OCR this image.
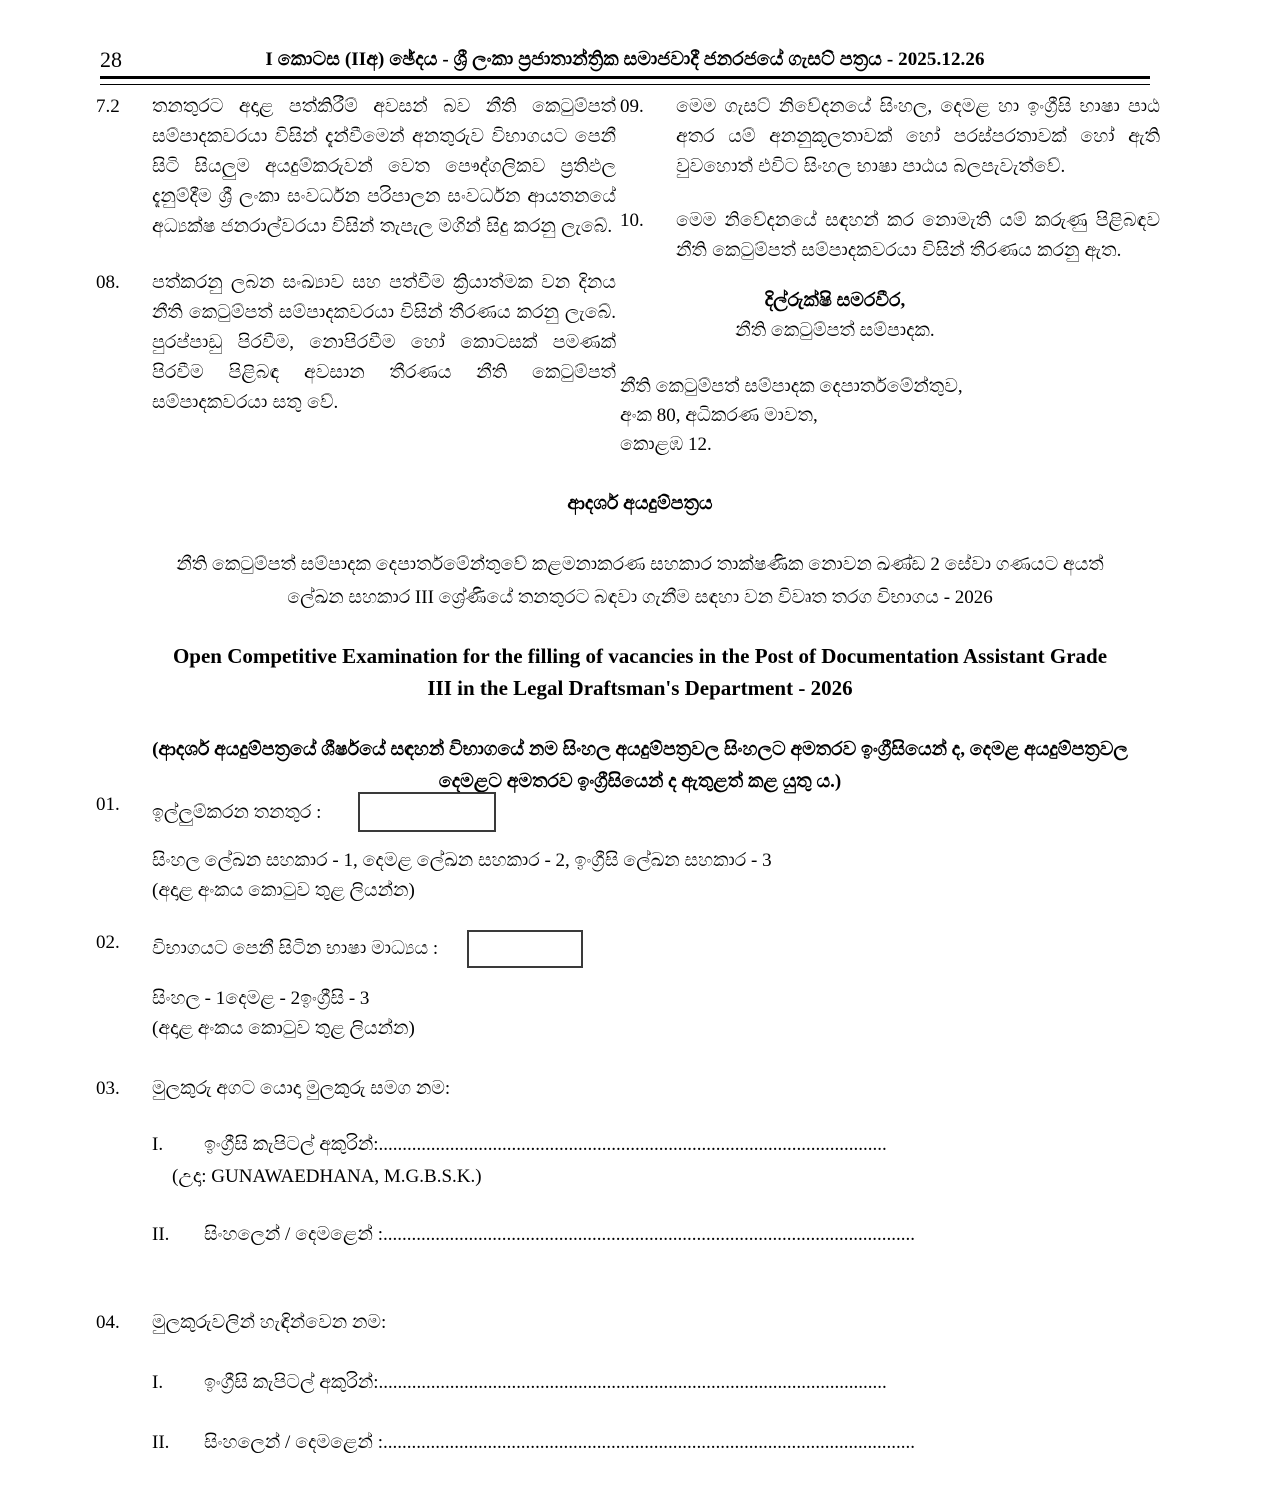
28	I කොටස (IIඅ) ඡේදය - ශ්‍රී ලංකා ප්‍රජාතාන්ත්‍රික සමාජවාදී ජනරජයේ ගැසට් පත්‍රය - 2025.12.26
7.2	තනතුරට අදාළ පත්කිරීම් අවසන් බව නීති කෙටුම්පත් සම්පාදකවරයා විසින් දැන්වීමෙන් අනතුරුව විභාගයට පෙනී සිටි සියලුම අයදුම්කරුවන් වෙත පෞද්ගලිකව ප්‍රතිඵල දැනුම්දීම ශ්‍රී ලංකා සංවර්ධන පරිපාලන සංවර්ධන ආයතනයේ අධ්‍යක්ෂ ජනරාල්වරයා විසින් තැපැල මගින් සිදු කරනු ලැබේ.
08.	පත්කරනු ලබන සංඛ්‍යාව සහ පත්වීම ක්‍රියාත්මක වන දිනය නීති කෙටුම්පත් සම්පාදකවරයා විසින් තීරණය කරනු ලැබේ. පුරප්පාඩු පිරවීම, නොපිරවීම හෝ කොටසක් පමණක් පිරවීම පිළිබඳ අවසාන තීරණය නීති කෙටුම්පත් සම්පාදකවරයා සතු වේ.
09.	මෙම ගැසට් නිවේදනයේ සිංහල, දෙමළ හා ඉංග්‍රීසි භාෂා පාඨ අතර යම් අනනුකූලතාවක් හෝ පරස්පරතාවක් හෝ ඇති වුවහොත් එවිට සිංහල භාෂා පාඨය බලපැවැත්වේ.
10.	මෙම නිවේදනයේ සඳහන් කර නොමැති යම් කරුණු පිළිබඳව නීති කෙටුම්පත් සම්පාදකවරයා විසින් තීරණය කරනු ඇත.
දිල්රුක්ෂි සමරවීර,
නීති කෙටුම්පත් සම්පාදක.
නීති කෙටුම්පත් සම්පාදක දෙපාර්තමේන්තුව,
අංක 80, අධිකරණ මාවත,
කොළඹ 12.
ආදර්ශ අයදුම්පත්‍රය
නීති කෙටුම්පත් සම්පාදක දෙපාර්තමේන්තුවේ කළමනාකරණ සහකාර තාක්ෂණික නොවන ඛණ්ඩ 2 සේවා ගණයට අයත්
ලේඛන සහකාර III ශ්‍රේණියේ තනතුරට බඳවා ගැනීම සඳහා වන විවෘත තරග විභාගය - 2026
Open Competitive Examination for the filling of vacancies in the Post of Documentation Assistant Grade
III in the Legal Draftsman's Department - 2026
(ආදර්ශ අයදුම්පත්‍රයේ ශීර්ෂයේ සඳහන් විභාගයේ නම සිංහල අයදුම්පත්‍රවල සිංහලට අමතරව ඉංග්‍රීසියෙන් ද, දෙමළ අයදුම්පත්‍රවල
දෙමළට අමතරව ඉංග්‍රීසියෙන් ද ඇතුළත් කළ යුතු ය.)
01.	ඉල්ලුම්කරන තනතුර :
සිංහල ලේඛන සහකාර - 1, දෙමළ ලේඛන සහකාර - 2, ඉංග්‍රීසි ලේඛන සහකාර - 3
(අදාළ අංකය කොටුව තුළ ලියන්න)
02.	විභාගයට පෙනී සිටින භාෂා මාධ්‍යය :
සිංහල - 1දෙමළ - 2ඉංග්‍රීසි - 3
(අදාළ අංකය කොටුව තුළ ලියන්න)
03.	මුලකුරු අගට යොදා මුලකුරු සමග නම:
I.	ඉංග්‍රීසි කැපිටල් අකුරින්:...........................................................................................................
(උදා: GUNAWAEDHANA, M.G.B.S.K.)
II.	සිංහලෙන් / දෙමළෙන් :................................................................................................................
04.	මුලකුරුවලින් හැඳින්වෙන නම:
I.	ඉංග්‍රීසි කැපිටල් අකුරින්:...........................................................................................................
II.	සිංහලෙන් / දෙමළෙන් :................................................................................................................
